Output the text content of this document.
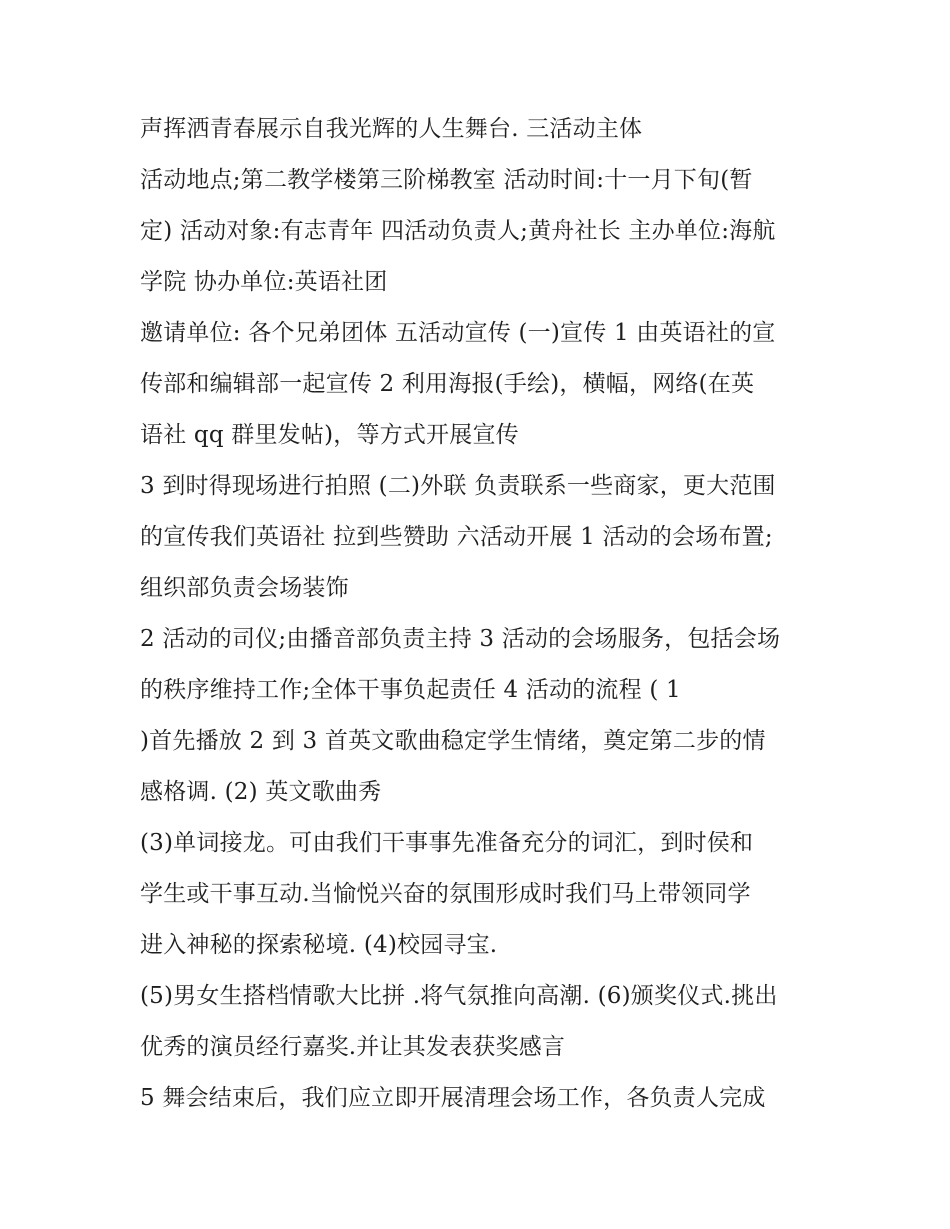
声挥洒青春展示自我光辉的人生舞台. 三活动主体
活动地点;第二教学楼第三阶梯教室 活动时间:十一月下旬(暂
定) 活动对象:有志青年 四活动负责人;黄舟社长 主办单位:海航
学院 协办单位:英语社团
邀请单位: 各个兄弟团体 五活动宣传 (一)宣传 1 由英语社的宣
传部和编辑部一起宣传 2 利用海报(手绘)，横幅，网络(在英
语社 qq 群里发帖)，等方式开展宣传
3 到时得现场进行拍照 (二)外联 负责联系一些商家，更大范围
的宣传我们英语社 拉到些赞助 六活动开展 1 活动的会场布置;
组织部负责会场装饰
2 活动的司仪;由播音部负责主持 3 活动的会场服务，包括会场
的秩序维持工作;全体干事负起责任 4 活动的流程 ( 1
)首先播放 2 到 3 首英文歌曲稳定学生情绪，奠定第二步的情
感格调. (2) 英文歌曲秀
(3)单词接龙。可由我们干事事先准备充分的词汇，到时侯和
学生或干事互动.当愉悦兴奋的氛围形成时我们马上带领同学
进入神秘的探索秘境. (4)校园寻宝.
(5)男女生搭档情歌大比拼 .将气氛推向高潮. (6)颁奖仪式.挑出
优秀的演员经行嘉奖.并让其发表获奖感言
5 舞会结束后，我们应立即开展清理会场工作，各负责人完成
